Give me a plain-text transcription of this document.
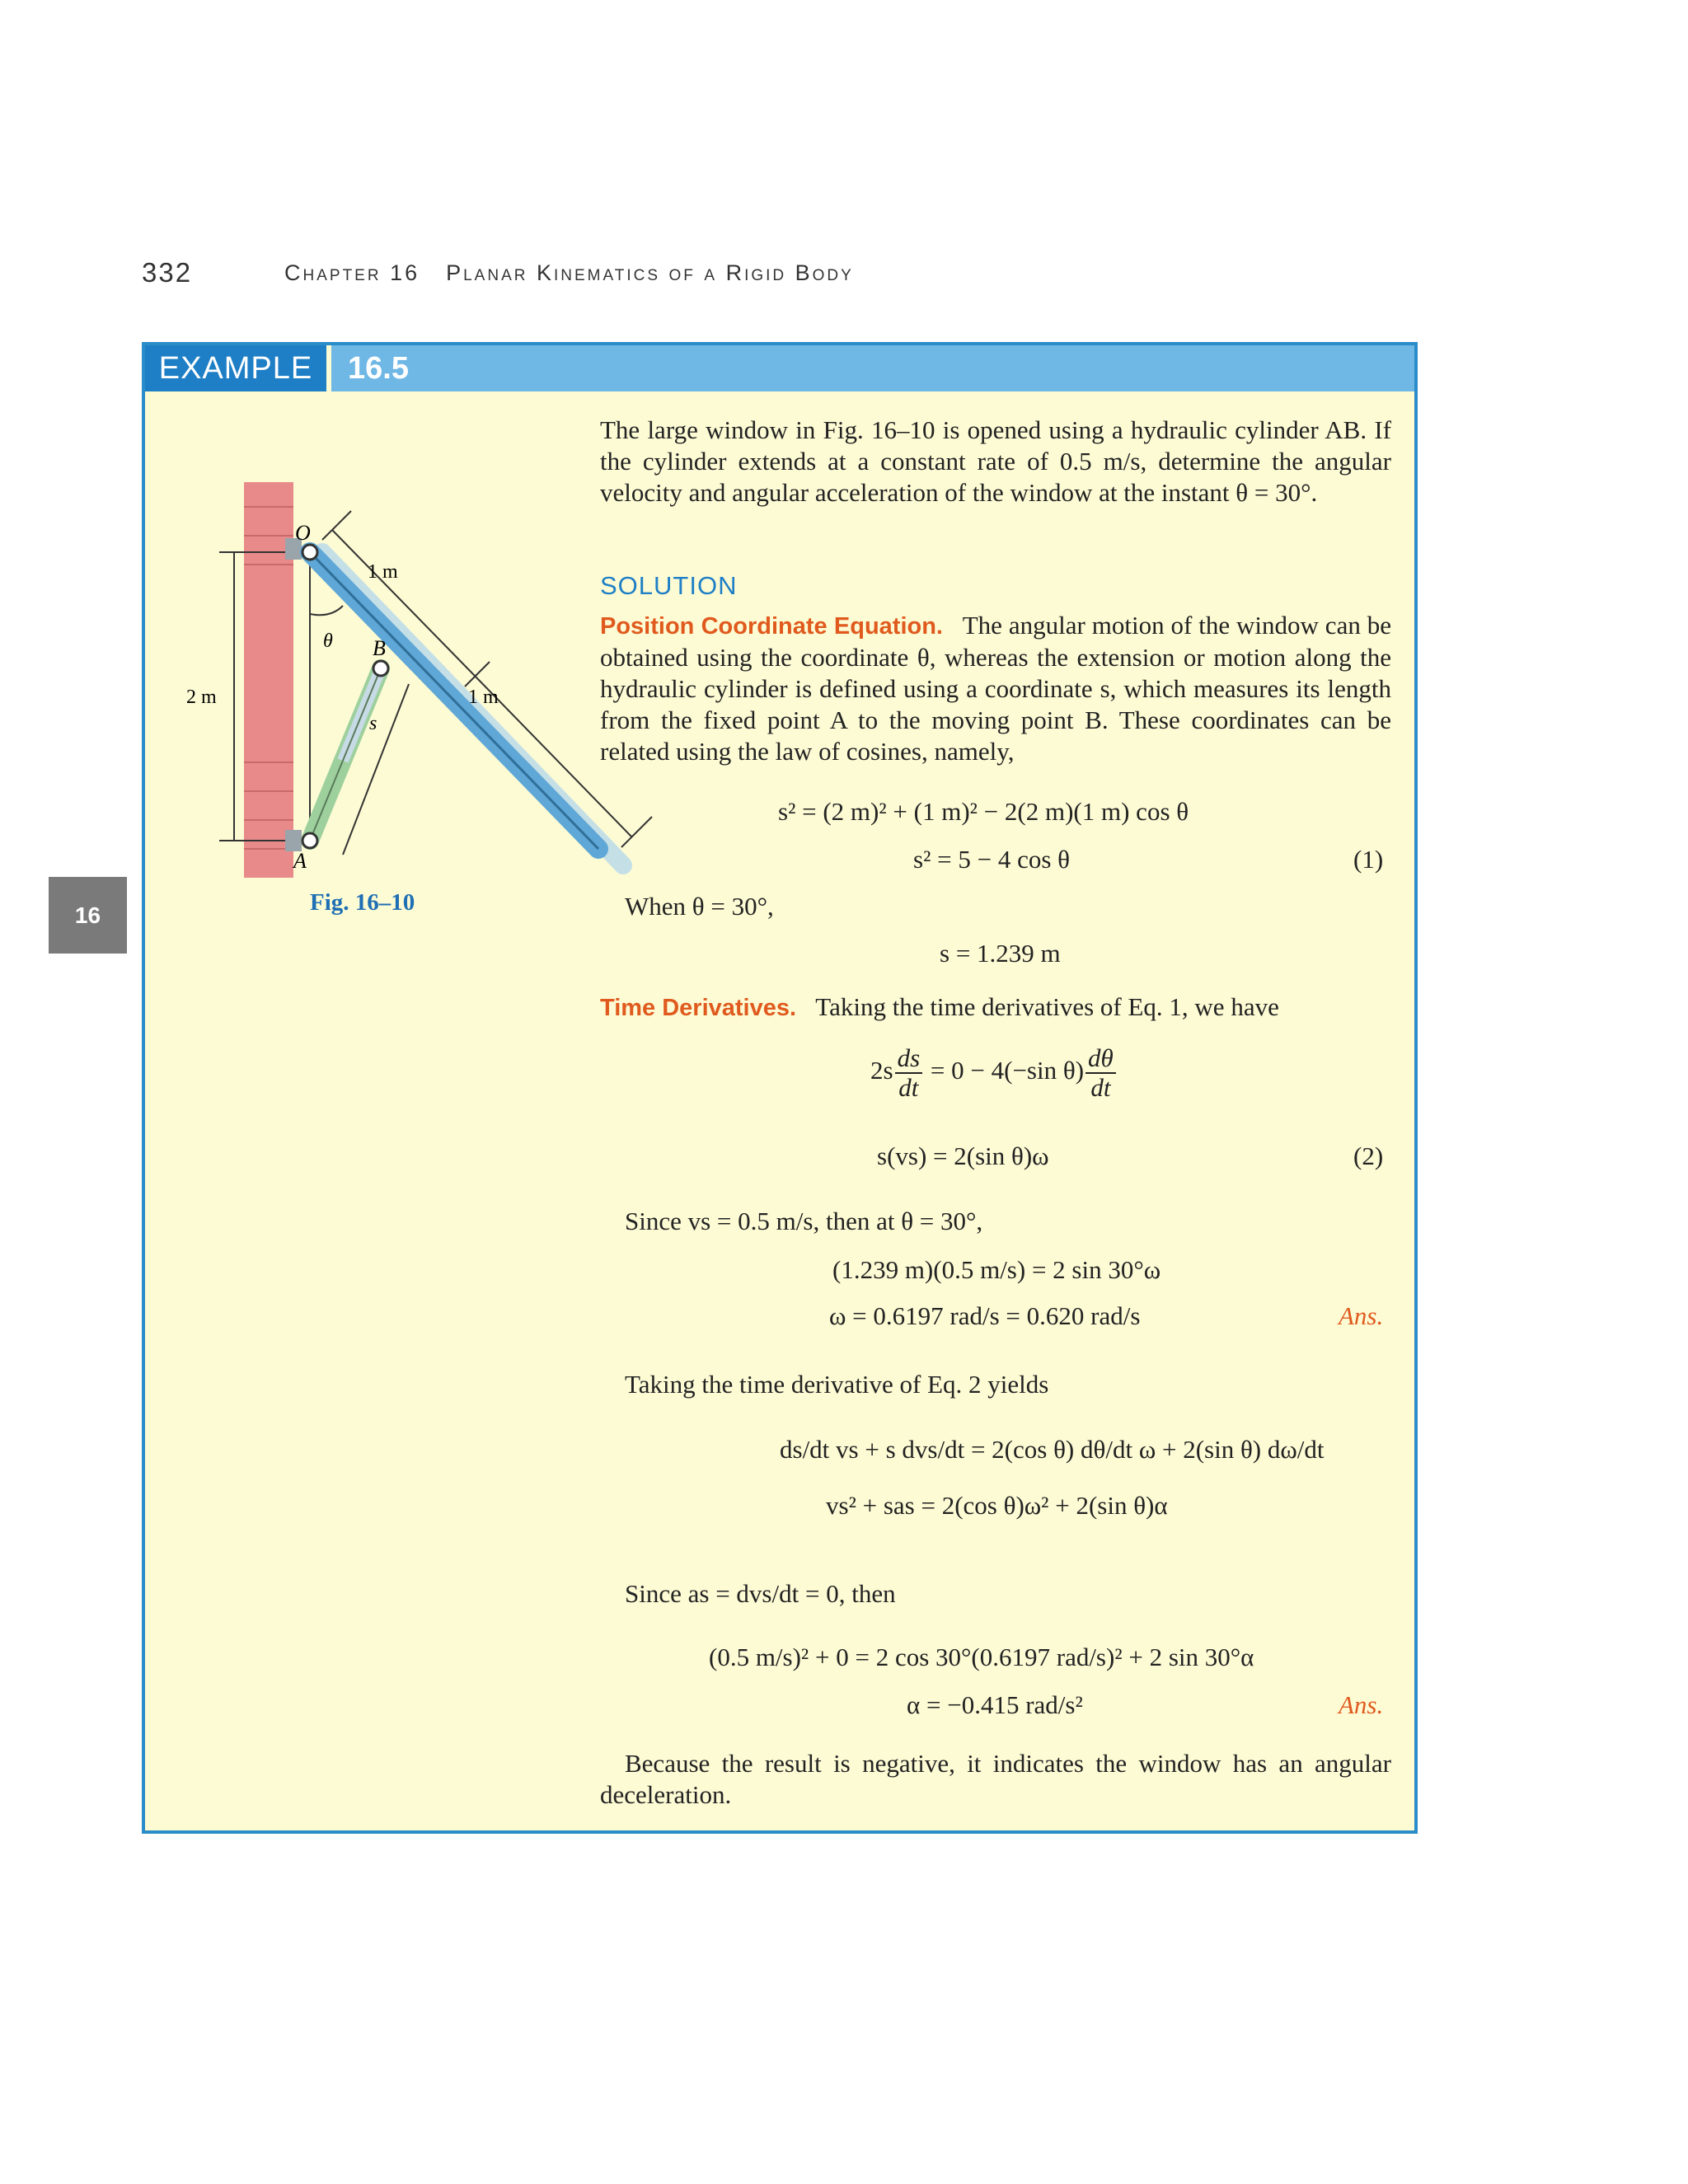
332	Chapter 16 Planar Kinematics of a Rigid Body
16
EXAMPLE	16.5
2 m
θ
1 m
1 m
s
O
A
B
Fig. 16–10
The large window in Fig. 16–10 is opened using a hydraulic cylinder AB. If the cylinder extends at a constant rate of 0.5 m/s, determine the angular velocity and angular acceleration of the window at the instant θ = 30°.
SOLUTION
Position Coordinate Equation. The angular motion of the window can be obtained using the coordinate θ, whereas the extension or motion along the hydraulic cylinder is defined using a coordinate s, which measures its length from the fixed point A to the moving point B. These coordinates can be related using the law of cosines, namely,
s² = (2 m)² + (1 m)² − 2(2 m)(1 m) cos θ
s² = 5 − 4 cos θ	(1)
When θ = 30°,
s = 1.239 m
Time Derivatives. Taking the time derivatives of Eq. 1, we have
$2s \frac{ds}{dt} = 0 - 4(-\sin$ $\theta) \frac{d\theta}{dt}$
s(vs) = 2(sin θ)ω	(2)
Since vs = 0.5 m/s, then at θ = 30°,
(1.239 m)(0.5 m/s) = 2 sin 30°ω
ω = 0.6197 rad/s = 0.620 rad/s	Ans.
Taking the time derivative of Eq. 2 yields
ds/dt vs + s dvs/dt = 2(cos θ) dθ/dt ω + 2(sin θ) dω/dt
vs² + sas = 2(cos θ)ω² + 2(sin θ)α
Since as = dvs/dt = 0, then
(0.5 m/s)² + 0 = 2 cos 30°(0.6197 rad/s)² + 2 sin 30°α
α = −0.415 rad/s²	Ans.
Because the result is negative, it indicates the window has an angular deceleration.
